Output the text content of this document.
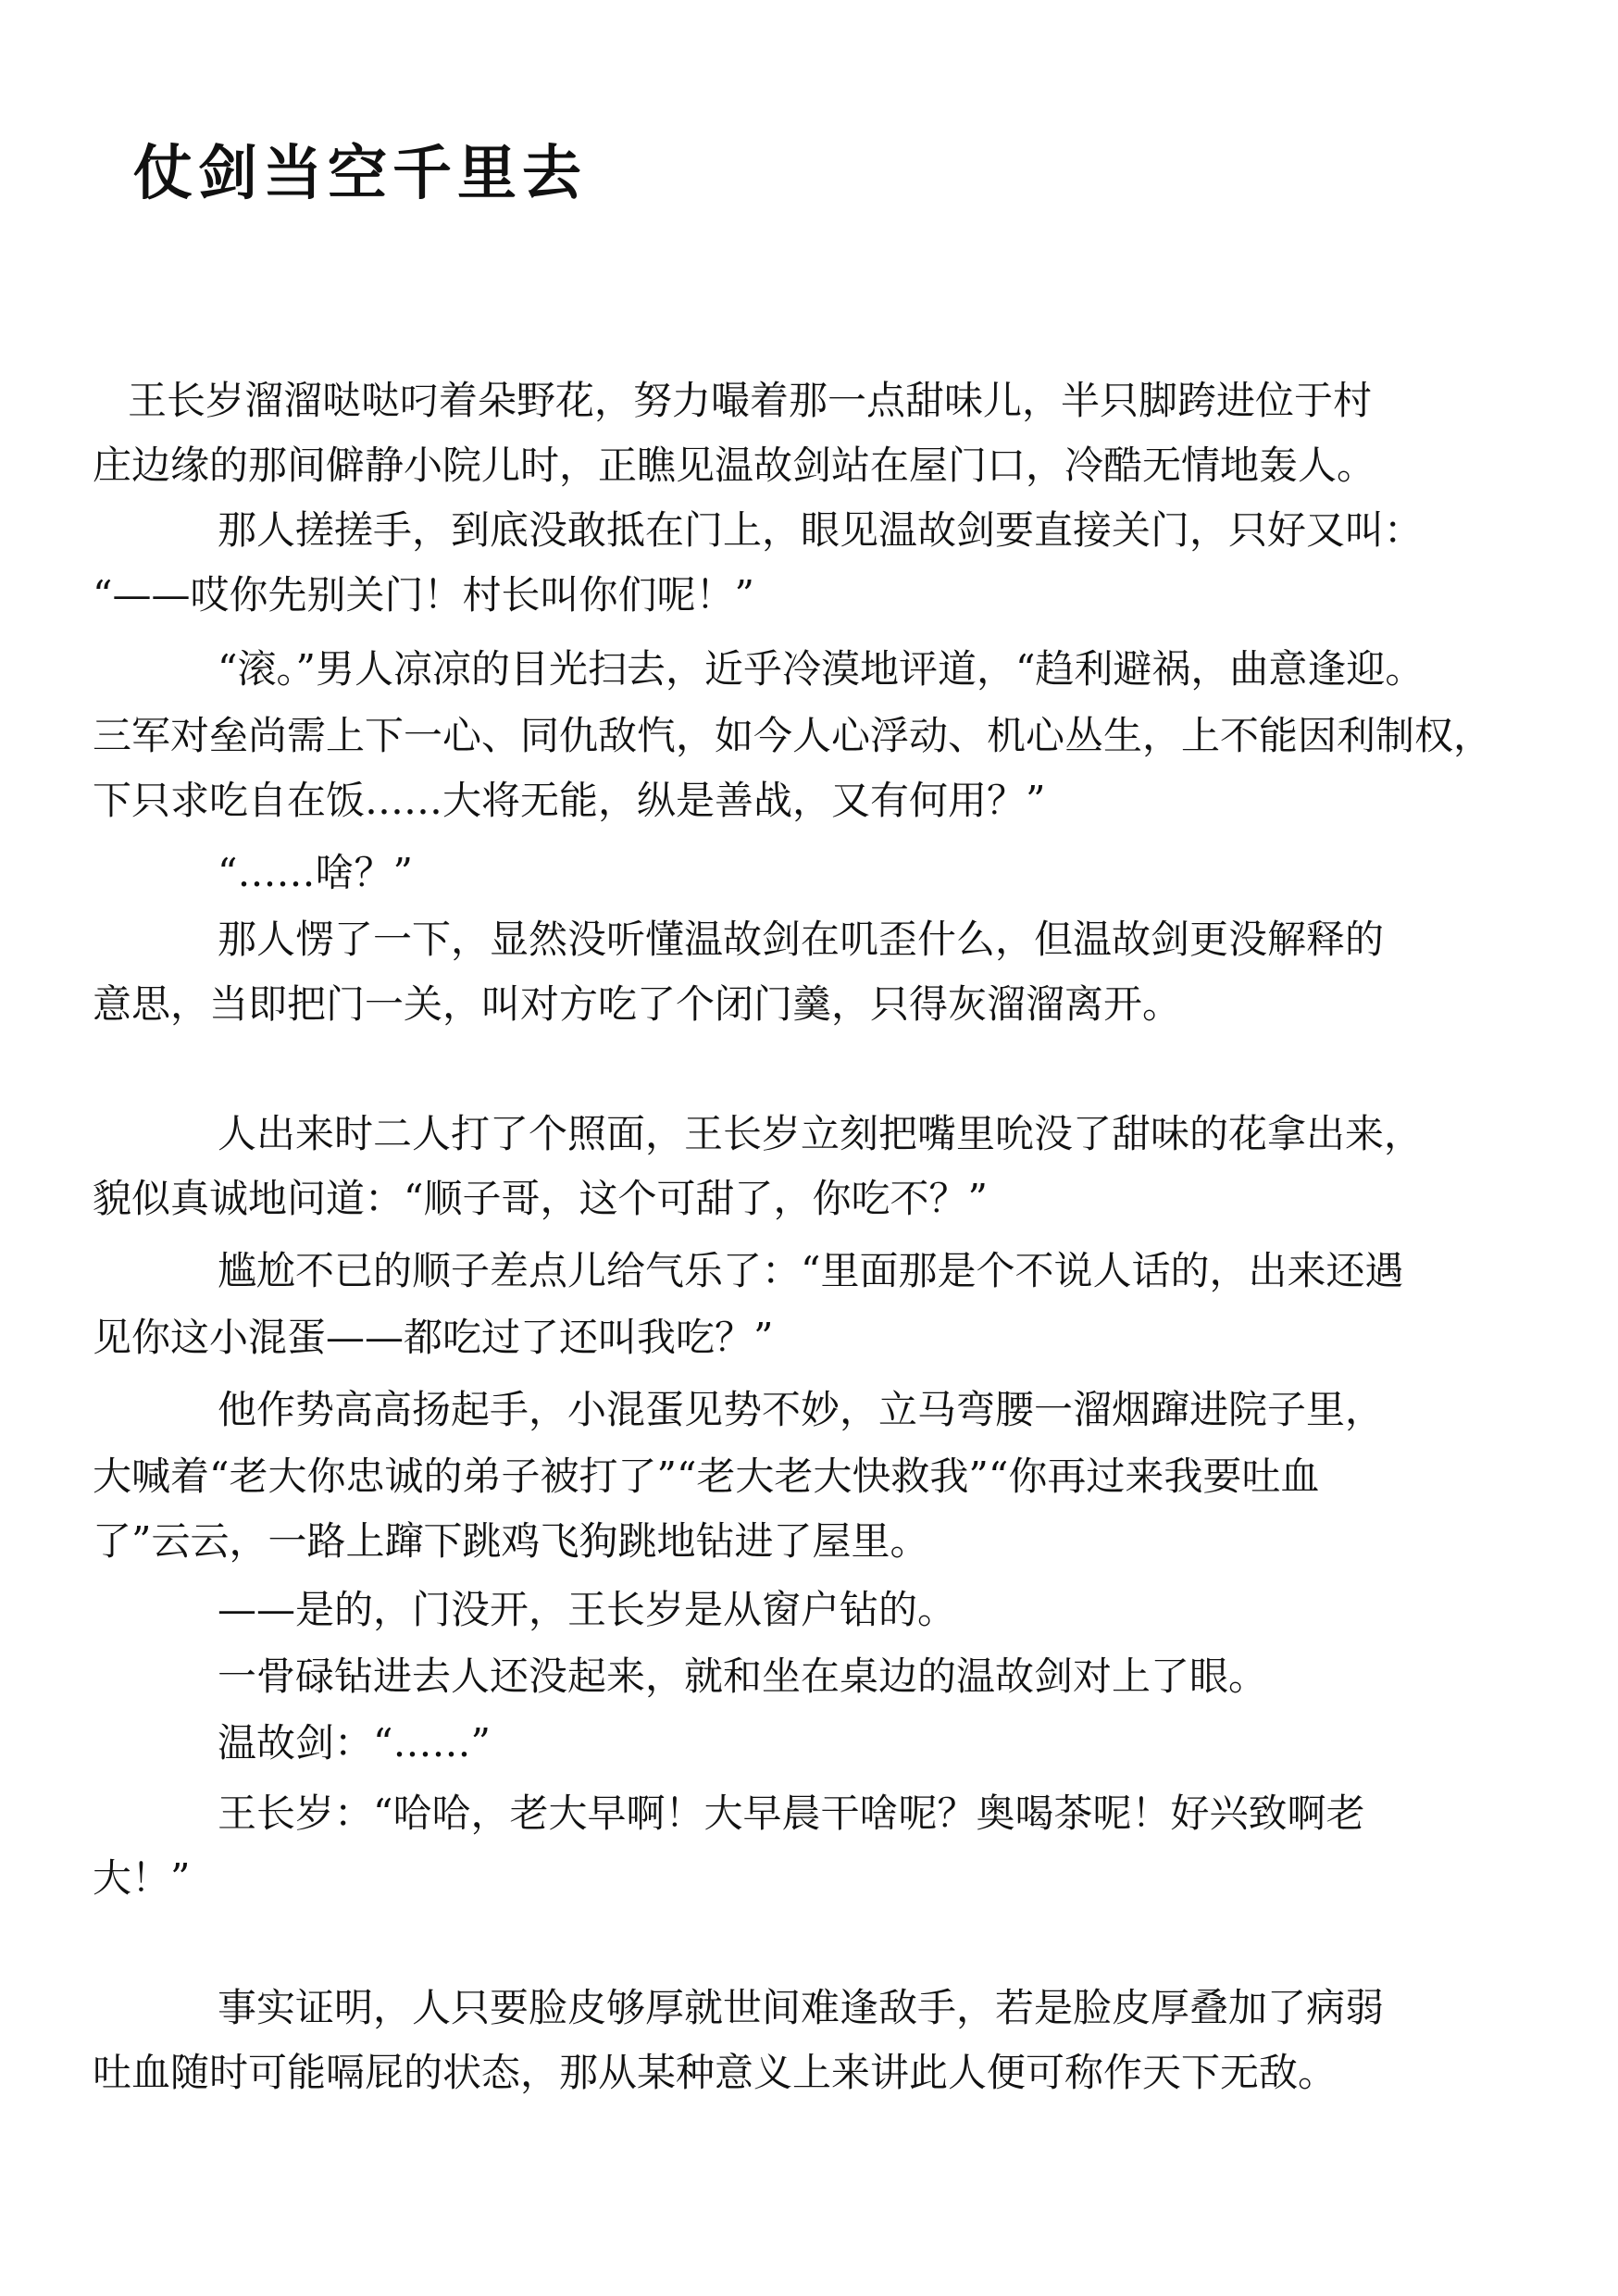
仗剑当空千里去

王长岁溜溜哒哒叼着朵野花，努力嘬着那一点甜味儿，半只脚跨进位于村

庄边缘的那间僻静小院儿时，正瞧见温故剑站在屋门口，冷酷无情地轰人。

那人搓搓手，到底没敢抵在门上，眼见温故剑要直接关门，只好又叫：

“——哎你先别关门！村长叫你们呢！”

“滚。”男人凉凉的目光扫去，近乎冷漠地评道，“趋利避祸，曲意逢迎。

三军对垒尚需上下一心、同仇敌忾，如今人心浮动、机心丛生，上不能因利制权，

下只求吃自在饭……大将无能，纵是善战，又有何用？”

“……啥？”

那人愣了一下，显然没听懂温故剑在叽歪什么，但温故剑更没解释的

意思，当即把门一关，叫对方吃了个闭门羹，只得灰溜溜离开。

人出来时二人打了个照面，王长岁立刻把嘴里吮没了甜味的花拿出来，

貌似真诚地问道：“顺子哥，这个可甜了，你吃不？”

尴尬不已的顺子差点儿给气乐了：“里面那是个不说人话的，出来还遇

见你这小混蛋——都吃过了还叫我吃？”

他作势高高扬起手，小混蛋见势不妙，立马弯腰一溜烟蹿进院子里，

大喊着“老大你忠诚的弟子被打了”“老大老大快救我”“你再过来我要吐血

了”云云，一路上蹿下跳鸡飞狗跳地钻进了屋里。

——是的，门没开，王长岁是从窗户钻的。

一骨碌钻进去人还没起来，就和坐在桌边的温故剑对上了眼。

温故剑：“……”

王长岁：“哈哈，老大早啊！大早晨干啥呢？奥喝茶呢！好兴致啊老

大！”

事实证明，人只要脸皮够厚就世间难逢敌手，若是脸皮厚叠加了病弱

吐血随时可能嗝屁的状态，那从某种意义上来讲此人便可称作天下无敌。
